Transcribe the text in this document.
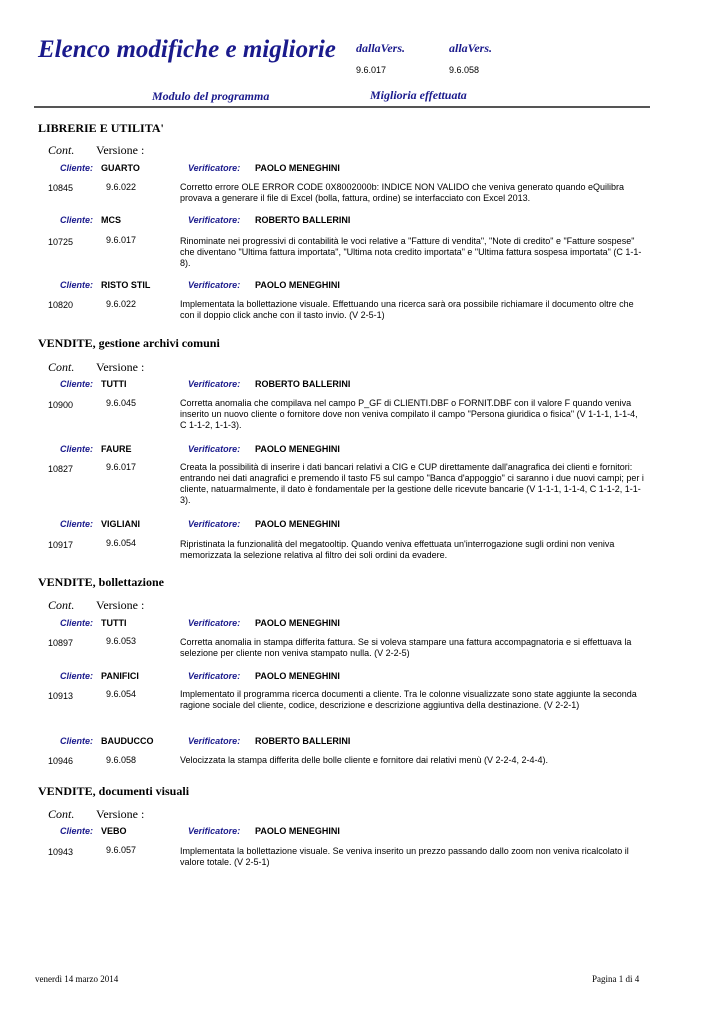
Elenco modifiche e migliorie dallaVers.
9.6.017
allaVers.
9.6.058
Modulo del programma	Miglioria effettuata
LIBRERIE E UTILITA'
Cont. Versione :
Cliente: GUARTO	Verificatore: PAOLO MENEGHINI
10845	9.6.022	Corretto errore OLE ERROR CODE 0X8002000b: INDICE NON VALIDO che veniva generato quando eQuilibra provava a generare il file di Excel (bolla, fattura, ordine) se interfacciato con Excel 2013.
Cliente: MCS	Verificatore: ROBERTO BALLERINI
10725	9.6.017	Rinominate nei progressivi di contabilità le voci relative a "Fatture di vendita", "Note di credito" e "Fatture sospese" che diventano "Ultima fattura importata", "Ultima nota credito importata" e "Ultima fattura sospesa importata" (C 1-1-8).
Cliente: RISTO STIL	Verificatore: PAOLO MENEGHINI
10820	9.6.022	Implementata la bollettazione visuale. Effettuando una ricerca sarà ora possibile richiamare il documento oltre che con il doppio click anche con il tasto invio. (V 2-5-1)
VENDITE, gestione archivi comuni
Cont. Versione :
Cliente: TUTTI	Verificatore: ROBERTO BALLERINI
10900	9.6.045	Corretta anomalia che compilava nel campo P_GF di CLIENTI.DBF o FORNIT.DBF con il valore F quando veniva inserito un nuovo cliente o fornitore dove non veniva compilato il campo "Persona giuridica o fisica" (V 1-1-1, 1-1-4, C 1-1-2, 1-1-3).
Cliente: FAURE	Verificatore: PAOLO MENEGHINI
10827	9.6.017	Creata la possibilità di inserire i dati bancari relativi a CIG e CUP direttamente dall'anagrafica dei clienti e fornitori: entrando nei dati anagrafici e premendo il tasto F5 sul campo "Banca d'appoggio" ci saranno i due nuovi campi; per i cliente, natuarmalmente, il dato è fondamentale per la gestione delle ricevute bancarie (V 1-1-1, 1-1-4, C 1-1-2, 1-1-3).
Cliente: VIGLIANI	Verificatore: PAOLO MENEGHINI
10917	9.6.054	Ripristinata la funzionalità del megatooltip. Quando veniva effettuata un'interrogazione sugli ordini non veniva memorizzata la selezione relativa al filtro dei soli ordini da evadere.
VENDITE, bollettazione
Cont. Versione :
Cliente: TUTTI	Verificatore: PAOLO MENEGHINI
10897	9.6.053	Corretta anomalia in stampa differita fattura. Se si voleva stampare una fattura accompagnatoria e si effettuava la selezione per cliente non veniva stampato nulla. (V 2-2-5)
Cliente: PANIFICI	Verificatore: PAOLO MENEGHINI
10913	9.6.054	Implementato il programma ricerca documenti a cliente. Tra le colonne visualizzate sono state aggiunte la seconda ragione sociale del cliente, codice, descrizione e descrizione aggiuntiva della destinazione. (V 2-2-1)
Cliente: BAUDUCCO	Verificatore: ROBERTO BALLERINI
10946	9.6.058	Velocizzata la stampa differita delle bolle cliente e fornitore dai relativi menù (V 2-2-4, 2-4-4).
VENDITE, documenti visuali
Cont. Versione :
Cliente: VEBO	Verificatore: PAOLO MENEGHINI
10943	9.6.057	Implementata la bollettazione visuale. Se veniva inserito un prezzo passando dallo zoom non veniva ricalcolato il valore totale. (V 2-5-1)
venerdì 14 marzo 2014	Pagina 1 di 4
